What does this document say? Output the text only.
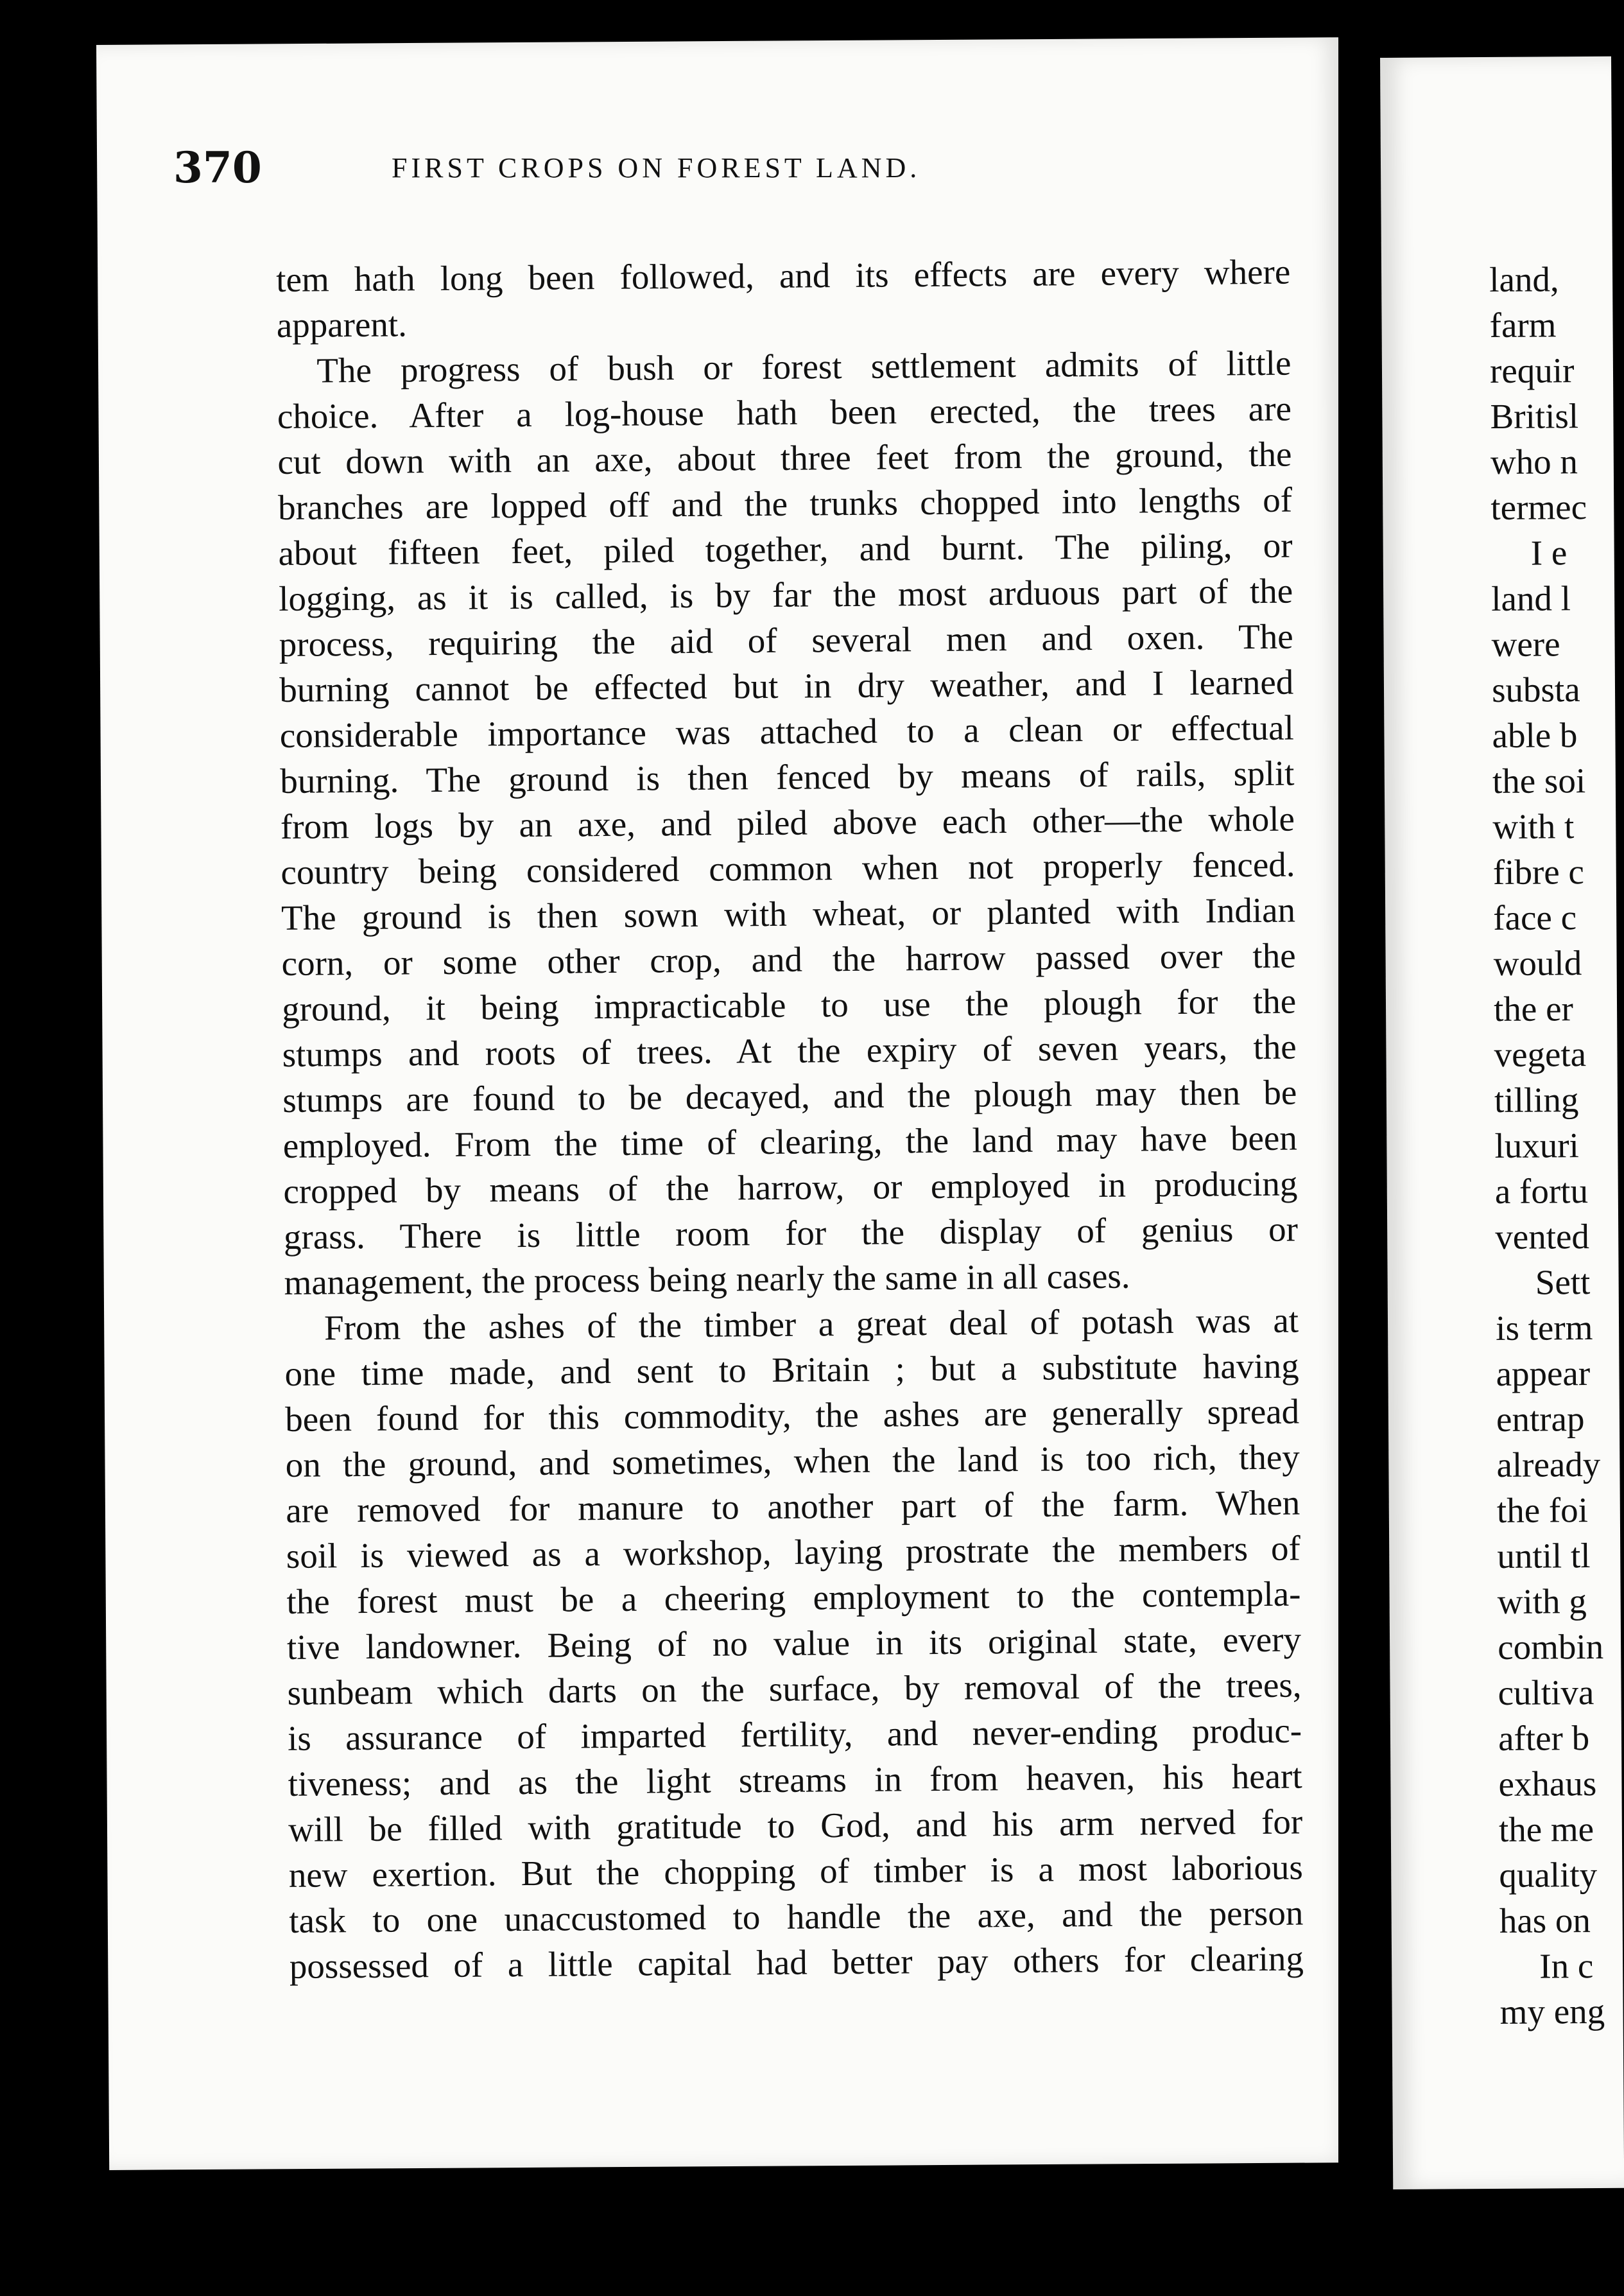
370	FIRST CROPS ON FOREST LAND.
tem hath long been followed, and its effects are every where
apparent.
The progress of bush or forest settlement admits of little
choice. After a log-house hath been erected, the trees are
cut down with an axe, about three feet from the ground, the
branches are lopped off and the trunks chopped into lengths of
about fifteen feet, piled together, and burnt. The piling, or
logging, as it is called, is by far the most arduous part of the
process, requiring the aid of several men and oxen. The
burning cannot be effected but in dry weather, and I learned
considerable importance was attached to a clean or effectual
burning. The ground is then fenced by means of rails, split
from logs by an axe, and piled above each other—the whole
country being considered common when not properly fenced.
The ground is then sown with wheat, or planted with Indian
corn, or some other crop, and the harrow passed over the
ground, it being impracticable to use the plough for the
stumps and roots of trees. At the expiry of seven years, the
stumps are found to be decayed, and the plough may then be
employed. From the time of clearing, the land may have been
cropped by means of the harrow, or employed in producing
grass. There is little room for the display of genius or
management, the process being nearly the same in all cases.
From the ashes of the timber a great deal of potash was at
one time made, and sent to Britain ; but a substitute having
been found for this commodity, the ashes are generally spread
on the ground, and sometimes, when the land is too rich, they
are removed for manure to another part of the farm. When
soil is viewed as a workshop, laying prostrate the members of
the forest must be a cheering employment to the contempla-
tive landowner. Being of no value in its original state, every
sunbeam which darts on the surface, by removal of the trees,
is assurance of imparted fertility, and never-ending produc-
tiveness; and as the light streams in from heaven, his heart
will be filled with gratitude to God, and his arm nerved for
new exertion. But the chopping of timber is a most laborious
task to one unaccustomed to handle the axe, and the person
possessed of a little capital had better pay others for clearing
land,
farm
requir
Britisl
who n
termec
I e
land l
were
substa
able b
the soi
with t
fibre c
face c
would
the er
vegeta
tilling
luxuri
a fortu
vented
Sett
is term
appear
entrap
already
the foi
until tl
with g
combin
cultiva
after b
exhaus
the me
quality
has on
In c
my eng
